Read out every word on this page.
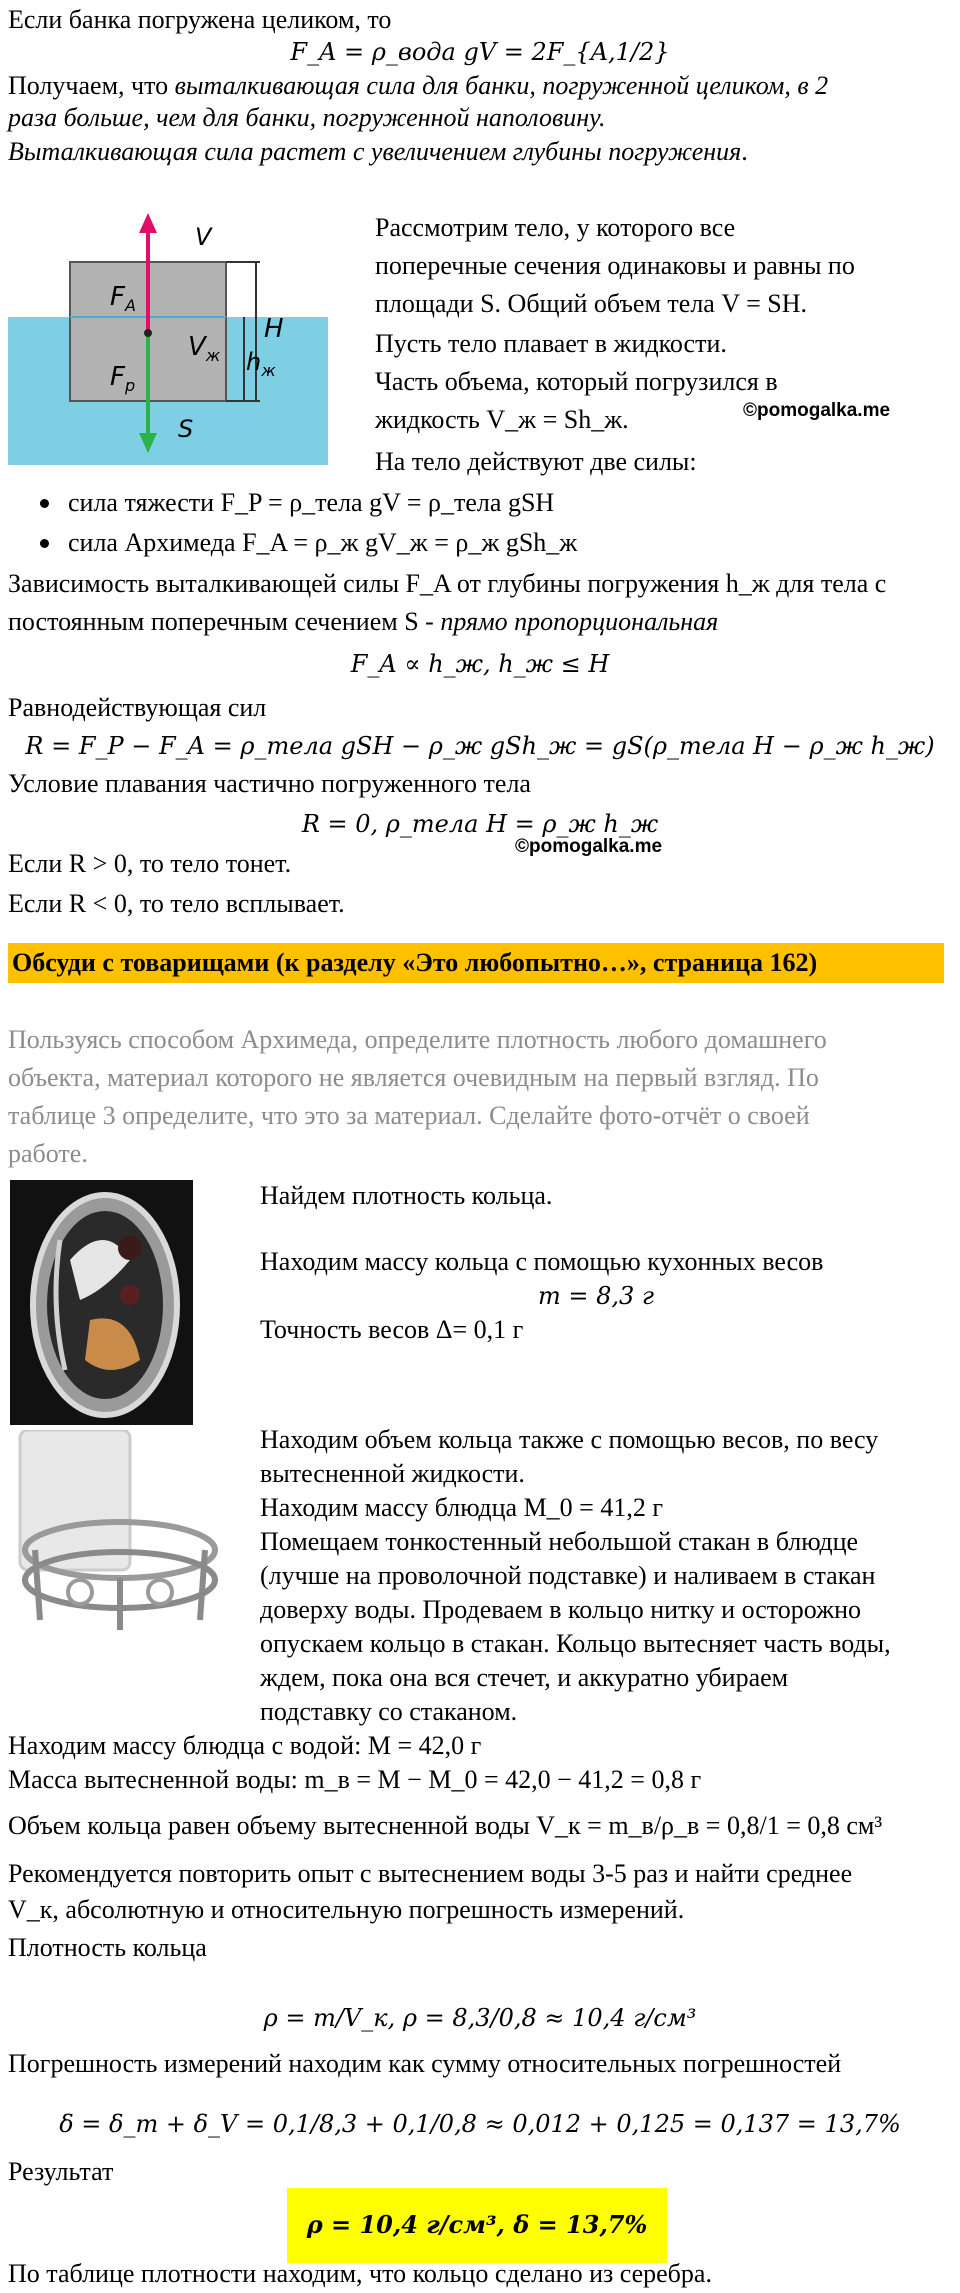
Если банка погружена целиком, то
F_A = ρ_вода gV = 2F_{A,1/2}
Получаем, что выталкивающая сила для банки, погруженной целиком, в 2
раза больше, чем для банки, погруженной наполовину.
Выталкивающая сила растет с увеличением глубины погружения.
V
$F_A$
$V_ж$
H
$h_ж$
$F_p$
S
Рассмотрим тело, у которого все
поперечные сечения одинаковы и равны по
площади S. Общий объем тела V = SH.
Пусть тело плавает в жидкости.
Часть объема, который погрузился в
жидкость V_ж = Sh_ж.	©pomogalka.me
На тело действуют две силы:
сила тяжести F_P = ρ_тела gV = ρ_тела gSH
сила Архимеда F_A = ρ_ж gV_ж = ρ_ж gSh_ж
Зависимость выталкивающей силы F_A от глубины погружения h_ж для тела с
постоянным поперечным сечением S - прямо пропорциональная
F_A ∝ h_ж, h_ж ≤ H
Равнодействующая сил
R = F_P − F_A = ρ_тела gSH − ρ_ж gSh_ж = gS(ρ_тела H − ρ_ж h_ж)
Условие плавания частично погруженного тела
R = 0, ρ_тела H = ρ_ж h_ж
©pomogalka.me
Если R > 0, то тело тонет.
Если R < 0, то тело всплывает.
Обсуди с товарищами (к разделу «Это любопытно…», страница 162)
Пользуясь способом Архимеда, определите плотность любого домашнего
объекта, материал которого не является очевидным на первый взгляд. По
таблице 3 определите, что это за материал. Сделайте фото-отчёт о своей
работе.
Найдем плотность кольца.
Находим массу кольца с помощью кухонных весов
m = 8,3 г
Точность весов Δ= 0,1 г
Находим объем кольца также с помощью весов, по весу
вытесненной жидкости.
Находим массу блюдца M_0 = 41,2 г
Помещаем тонкостенный небольшой стакан в блюдце
(лучше на проволочной подставке) и наливаем в стакан
доверху воды. Продеваем в кольцо нитку и осторожно
опускаем кольцо в стакан. Кольцо вытесняет часть воды,
ждем, пока она вся стечет, и аккуратно убираем
подставку со стаканом.
Находим массу блюдца с водой: M = 42,0 г
Масса вытесненной воды: m_в = M − M_0 = 42,0 − 41,2 = 0,8 г
Объем кольца равен объему вытесненной воды V_к = m_в/ρ_в = 0,8/1 = 0,8 см³
Рекомендуется повторить опыт с вытеснением воды 3-5 раз и найти среднее
V_к, абсолютную и относительную погрешность измерений.
Плотность кольца
ρ = m/V_к, ρ = 8,3/0,8 ≈ 10,4 г/см³
Погрешность измерений находим как сумму относительных погрешностей
δ = δ_m + δ_V = 0,1/8,3 + 0,1/0,8 ≈ 0,012 + 0,125 = 0,137 = 13,7%
Результат
ρ = 10,4 г/см³, δ = 13,7%
По таблице плотности находим, что кольцо сделано из серебра.
